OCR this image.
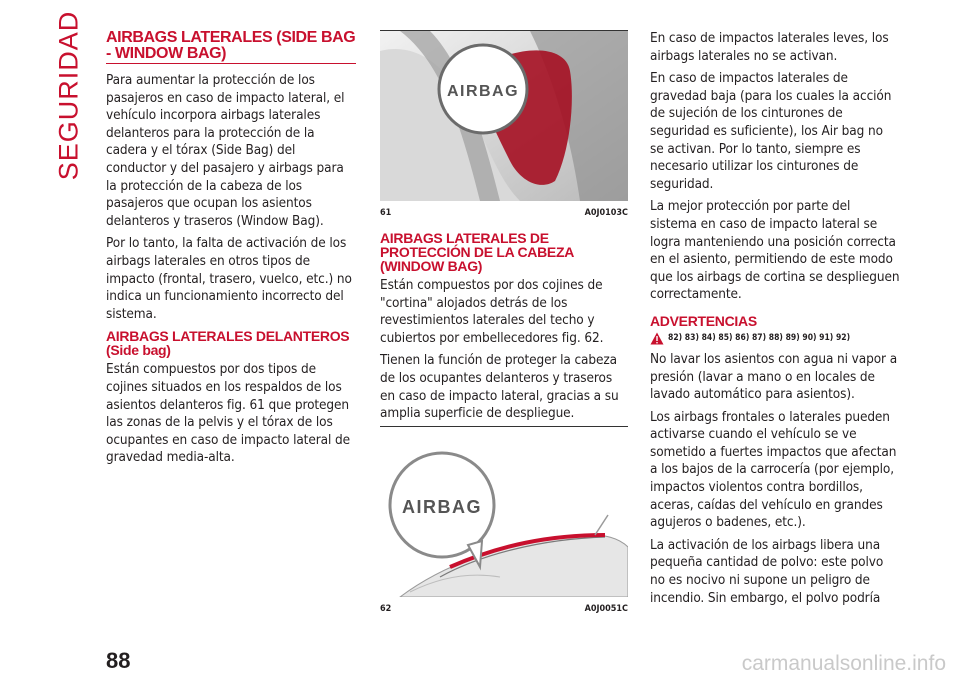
SEGURIDAD AIRBAGS LATERALES (SIDE BAG - WINDOW BAG)

Para aumentar la protección de los pasajeros en caso de impacto lateral, el vehículo incorpora airbags laterales delanteros para la protección de la cadera y el tórax (Side Bag) del conductor y del pasajero y airbags para la protección de la cabeza de los pasajeros que ocupan los asientos delanteros y traseros (Window Bag).

Por lo tanto, la falta de activación de los airbags laterales en otros tipos de impacto (frontal, trasero, vuelco, etc.) no indica un funcionamiento incorrecto del sistema.

AIRBAGS LATERALES DELANTEROS (Side bag)

Están compuestos por dos tipos de cojines situados en los respaldos de los asientos delanteros fig. 61 que protegen las zonas de la pelvis y el tórax de los ocupantes en caso de impacto lateral de gravedad media-alta.

AIRBAG
61	A0J0103C
AIRBAGS LATERALES DE PROTECCIÓN DE LA CABEZA (WINDOW BAG)

Están compuestos por dos cojines de "cortina" alojados detrás de los revestimientos laterales del techo y cubiertos por embellecedores fig. 62.

Tienen la función de proteger la cabeza de los ocupantes delanteros y traseros en caso de impacto lateral, gracias a su amplia superficie de despliegue.

AIRBAG
62	A0J0051C

En caso de impactos laterales leves, los airbags laterales no se activan.

En caso de impactos laterales de gravedad baja (para los cuales la acción de sujeción de los cinturones de seguridad es suficiente), los Air bag no se activan. Por lo tanto, siempre es necesario utilizar los cinturones de seguridad.

La mejor protección por parte del sistema en caso de impacto lateral se logra manteniendo una posición correcta en el asiento, permitiendo de este modo que los airbags de cortina se desplieguen correctamente.

ADVERTENCIAS
82) 83) 84) 85) 86) 87) 88) 89) 90) 91) 92)

No lavar los asientos con agua ni vapor a presión (lavar a mano o en locales de lavado automático para asientos).

Los airbags frontales o laterales pueden activarse cuando el vehículo se ve sometido a fuertes impactos que afectan a los bajos de la carrocería (por ejemplo, impactos violentos contra bordillos, aceras, caídas del vehículo en grandes agujeros o badenes, etc.).

La activación de los airbags libera una pequeña cantidad de polvo: este polvo no es nocivo ni supone un peligro de incendio. Sin embargo, el polvo podría

88	carmanualsonline.info
